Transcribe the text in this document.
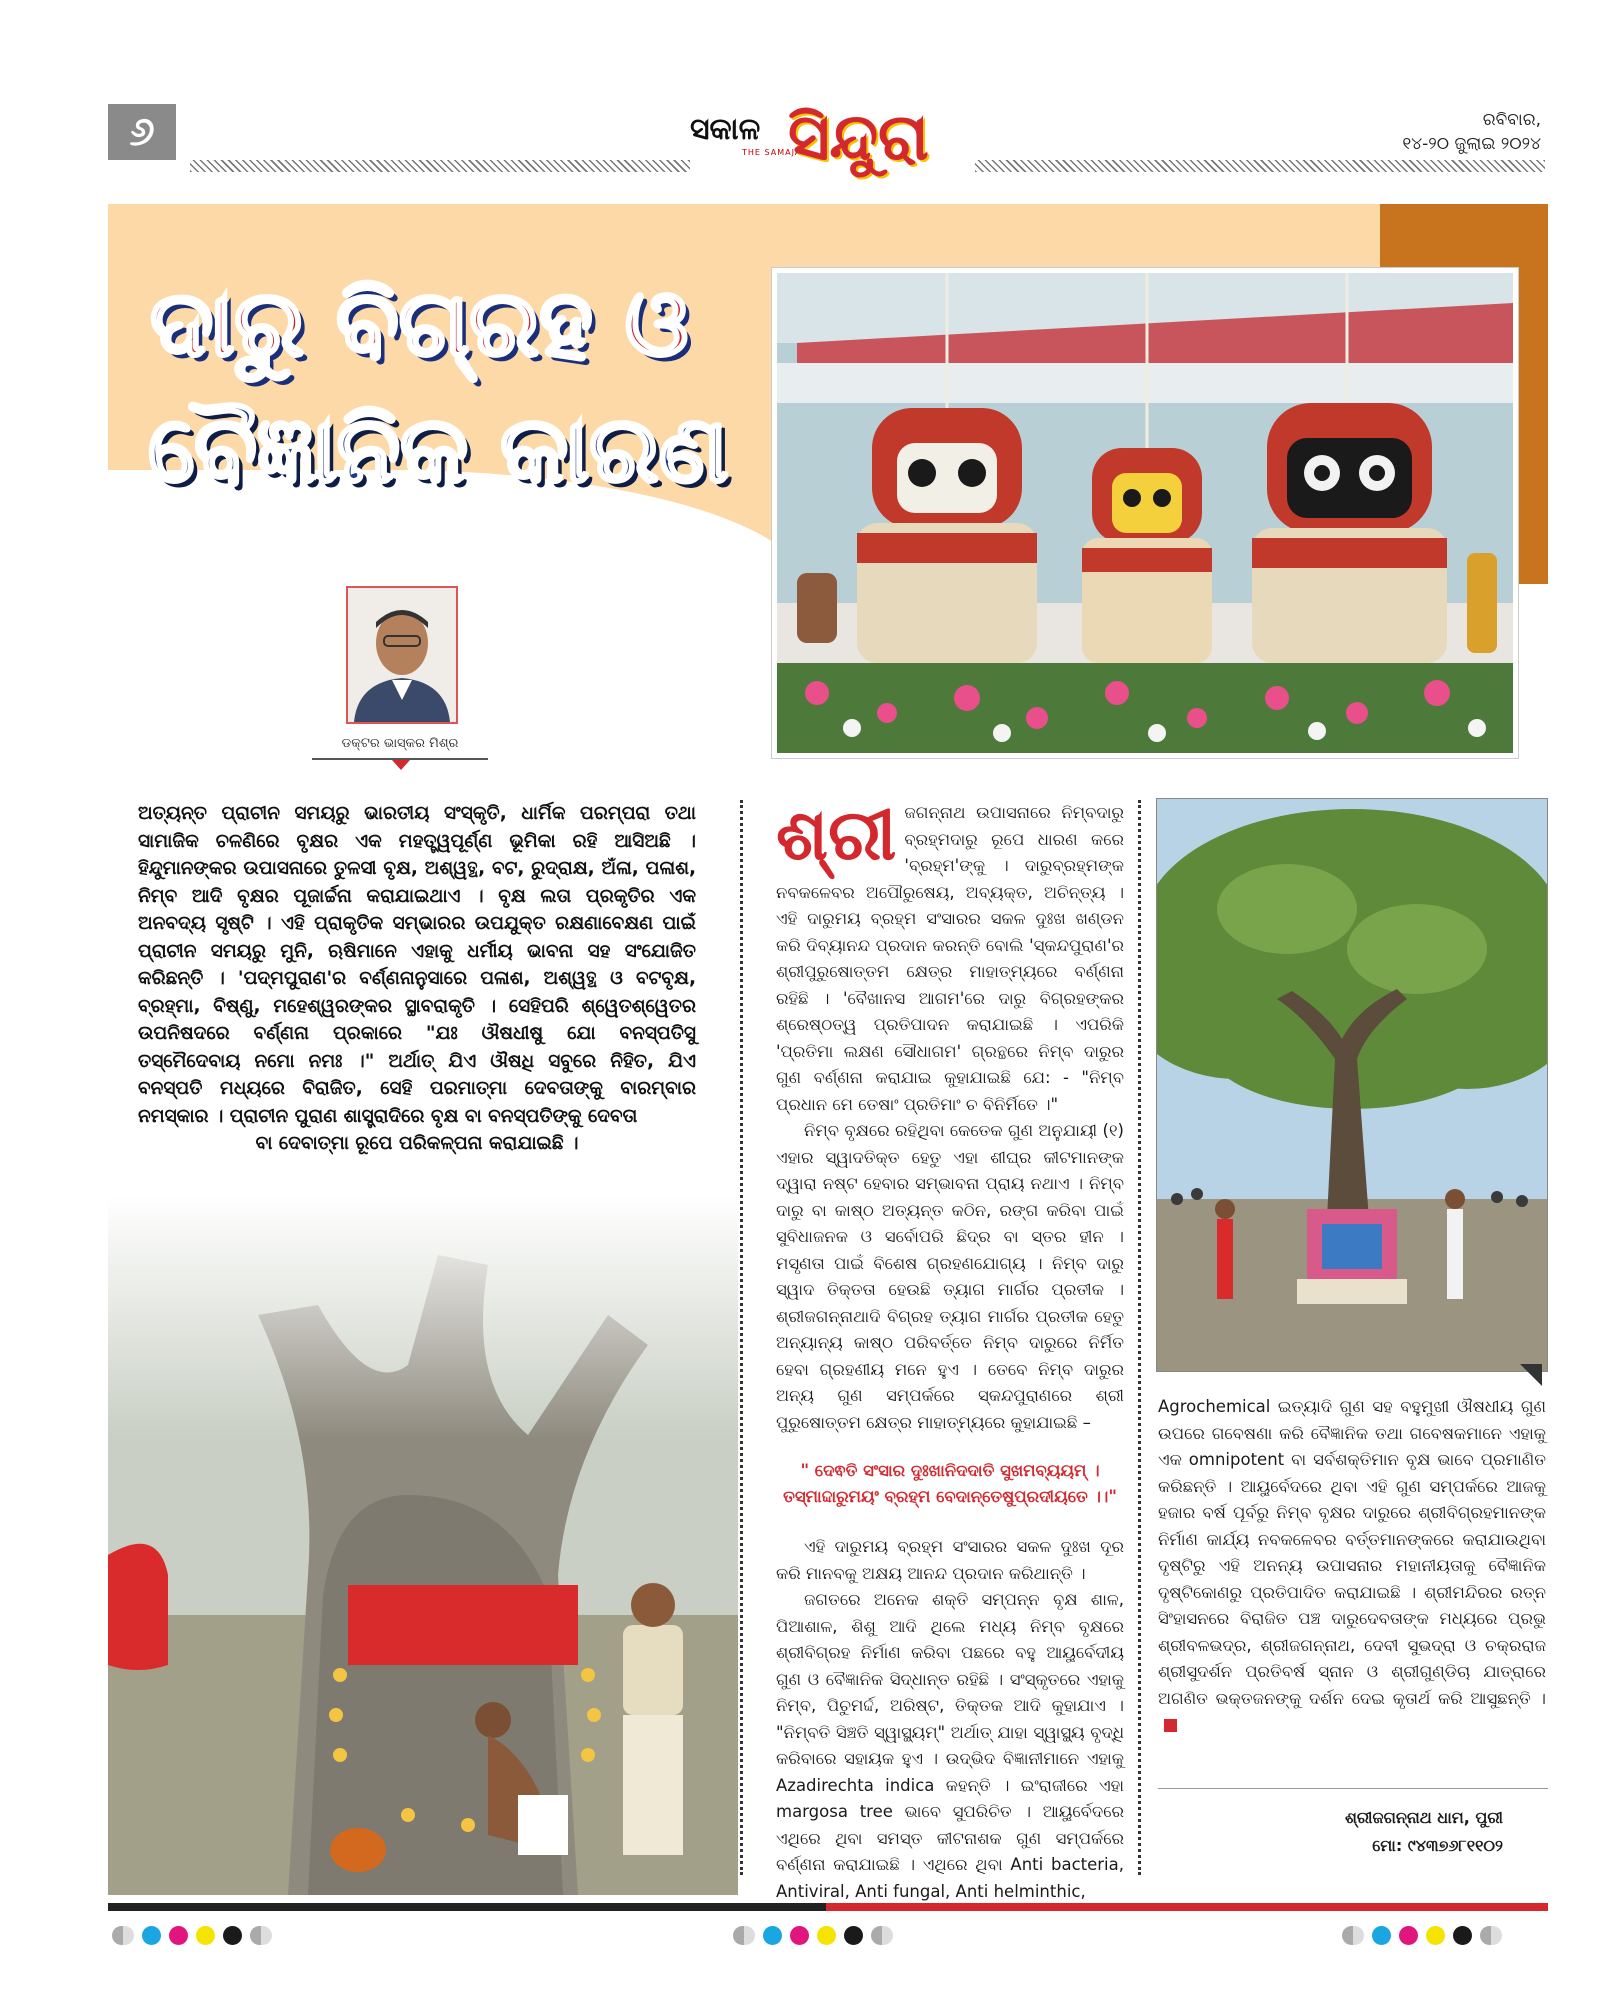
୬	ସକାଳ
THE SAMAJA
ସିନ୍ଦୁରା	ରବିବାର,
୧୪-୨୦ ଜୁଲାଇ ୨୦୨୪
ଦାରୁ ବିଗ୍ରହ ଓ
ବୈଜ୍ଞାନିକ କାରଣ
ଡକ୍ଟର ଭାସ୍କର ମିଶ୍ର
ଅତ୍ୟନ୍ତ ପ୍ରାଚୀନ ସମୟରୁ ଭାରତୀୟ ସଂସ୍କୃତି, ଧାର୍ମିକ ପରମ୍ପରା ତଥା ସାମାଜିକ ଚଳଣିରେ ବୃକ୍ଷର ଏକ ମହତ୍ତ୍ୱପୂର୍ଣ୍ଣ ଭୂମିକା ରହି ଆସିଅଛି । ହିନ୍ଦୁମାନଙ୍କର ଉପାସନାରେ ତୁଳସୀ ବୃକ୍ଷ, ଅଶ୍ୱତ୍ଥ, ବଟ, ରୁଦ୍ରାକ୍ଷ, ଅଁଳା, ପଳାଶ, ନିମ୍ବ ଆଦି ବୃକ୍ଷର ପୂଜାର୍ଚ୍ଚନା କରାଯାଇଥାଏ । ବୃକ୍ଷ ଲତା ପ୍ରକୃତିର ଏକ ଅନବଦ୍ୟ ସୃଷ୍ଟି । ଏହି ପ୍ରାକୃତିକ ସମ୍ଭାରର ଉପଯୁକ୍ତ ରକ୍ଷଣାବେକ୍ଷଣ ପାଇଁ ପ୍ରାଚୀନ ସମୟରୁ ମୁନି, ଋଷିମାନେ ଏହାକୁ ଧର୍ମୀୟ ଭାବନା ସହ ସଂଯୋଜିତ କରିଛନ୍ତି । 'ପଦ୍ମପୁରାଣ'ର ବର୍ଣ୍ଣନାନୁସାରେ ପଳାଶ, ଅଶ୍ୱତ୍ଥ ଓ ବଟବୃକ୍ଷ, ବ୍ରହ୍ମା, ବିଷ୍ଣୁ, ମହେଶ୍ୱରଙ୍କର ସ୍ଥାବରାକୃତି । ସେହିପରି ଶ୍ୱେତଶ୍ୱେତର ଉପନିଷଦରେ ବର୍ଣ୍ଣନା ପ୍ରକାରେ "ଯଃ ଔଷଧୀଷୁ ଯୋ ବନସ୍ପତିସୁ ତସ୍ମୈଦେବାୟ ନମୋ ନମଃ ।" ଅର୍ଥାତ୍ ଯିଏ ଔଷଧି ସବୁରେ ନିହିତ, ଯିଏ ବନସ୍ପତି ମଧ୍ୟରେ ବିରାଜିତ, ସେହି ପରମାତ୍ମା ଦେବତାଙ୍କୁ ବାରମ୍ବାର ନମସ୍କାର । ପ୍ରାଚୀନ ପୁରାଣ ଶାସ୍ତ୍ରାଦିରେ ବୃକ୍ଷ ବା ବନସ୍ପତିଙ୍କୁ ଦେବତା
ବା ଦେବାତ୍ମା ରୂପେ ପରିକଳ୍ପନା କରାଯାଇଛି ।
ଶ୍ରୀ ଜଗନ୍ନାଥ ଉପାସନାରେ ନିମ୍ବଦାରୁ ବ୍ରହ୍ମଦାରୁ ରୂପେ ଧାରଣ କରେ 'ବ୍ରହ୍ମ'ଙ୍କୁ । ଦାରୁବ୍ରହ୍ମଙ୍କ ନବକଳେବର ଅପୌରୁଷେୟ, ଅବ୍ୟକ୍ତ, ଅଚିନ୍ତ୍ୟ । ଏହି ଦାରୁମୟ ବ୍ରହ୍ମ ସଂସାରର ସକଳ ଦୁଃଖ ଖଣ୍ଡନ କରି ଦିବ୍ୟାନନ୍ଦ ପ୍ରଦାନ କରନ୍ତି ବୋଲି 'ସ୍କନ୍ଦପୁରାଣ'ର ଶ୍ରୀପୁରୁଷୋତ୍ତମ କ୍ଷେତ୍ର ମାହାତ୍ମ୍ୟରେ ବର୍ଣ୍ଣନା ରହିଛି । 'ବୈଖାନସ ଆଗମ'ରେ ଦାରୁ ବିଗ୍ରହଙ୍କର ଶ୍ରେଷ୍ଠତ୍ୱ ପ୍ରତିପାଦନ କରାଯାଇଛି । ଏପରିକି 'ପ୍ରତିମା ଲକ୍ଷଣ ସୌଧାଗମ' ଗ୍ରନ୍ଥରେ ନିମ୍ବ ଦାରୁର ଗୁଣ ବର୍ଣ୍ଣନା କରାଯାଇ କୁହାଯାଇଛି ଯେ: - "ନିମ୍ବ ପ୍ରଧାନ ମେ ତେଷାଂ ପ୍ରତିମାଂ ଚ ବିନିର୍ମିତେ ।"

ନିମ୍ବ ବୃକ୍ଷରେ ରହିଥିବା କେତେକ ଗୁଣ ଅନୁଯାୟୀ (୧) ଏହାର ସ୍ୱାଦତିକ୍ତ ହେତୁ ଏହା ଶୀଘ୍ର କୀଟମାନଙ୍କ ଦ୍ୱାରା ନଷ୍ଟ ହେବାର ସମ୍ଭାବନା ପ୍ରାୟ ନଥାଏ । ନିମ୍ବ ଦାରୁ ବା କାଷ୍ଠ ଅତ୍ୟନ୍ତ କଠିନ, ରଙ୍ଗ କରିବା ପାଇଁ ସୁବିଧାଜନକ ଓ ସର୍ବୋପରି ଛିଦ୍ର ବା ସ୍ତର ହୀନ । ମସୃଣତା ପାଇଁ ବିଶେଷ ଗ୍ରହଣଯୋଗ୍ୟ । ନିମ୍ବ ଦାରୁ ସ୍ୱାଦ ତିକ୍ତତା ହେଉଛି ତ୍ୟାଗ ମାର୍ଗର ପ୍ରତୀକ । ଶ୍ରୀଜଗନ୍ନାଥାଦି ବିଗ୍ରହ ତ୍ୟାଗ ମାର୍ଗର ପ୍ରତୀକ ହେତୁ ଅନ୍ୟାନ୍ୟ କାଷ୍ଠ ପରିବର୍ତ୍ତେ ନିମ୍ବ ଦାରୁରେ ନିର୍ମିତ ହେବା ଗ୍ରହଣୀୟ ମନେ ହୁଏ । ତେବେ ନିମ୍ବ ଦାରୁର ଅନ୍ୟ ଗୁଣ ସମ୍ପର୍କରେ ସ୍କନ୍ଦପୁରାଣରେ ଶ୍ରୀ ପୁରୁଷୋତ୍ତମ କ୍ଷେତ୍ର ମାହାତ୍ମ୍ୟରେ କୁହାଯାଇଛି –

" ଦେଵତି ସଂସାର ଦୁଃଖାନିଦଦାତି ସୁଖମବ୍ୟୟମ୍ ।
ତସ୍ମାଦ୍ଦାରୁମୟଂ ବ୍ରହ୍ମ ବେଦାନ୍ତେଷୁପ୍ରଦୀୟତେ ।।"

ଏହି ଦାରୁମୟ ବ୍ରହ୍ମ ସଂସାରର ସକଳ ଦୁଃଖ ଦୂର କରି ମାନବକୁ ଅକ୍ଷୟ ଆନନ୍ଦ ପ୍ରଦାନ କରିଥାନ୍ତି ।

ଜଗତରେ ଅନେକ ଶକ୍ତି ସମ୍ପନ୍ନ ବୃକ୍ଷ ଶାଳ, ପିଆଶାଳ, ଶିଶୁ ଆଦି ଥିଲେ ମଧ୍ୟ ନିମ୍ବ ବୃକ୍ଷରେ ଶ୍ରୀବିଗ୍ରହ ନିର୍ମାଣ କରିବା ପଛରେ ବହୁ ଆୟୁର୍ବେଦୀୟ ଗୁଣ ଓ ବୈଜ୍ଞାନିକ ସିଦ୍ଧାନ୍ତ ରହିଛି । ସଂସ୍କୃତରେ ଏହାକୁ ନିମ୍ବ, ପିଚୁମର୍ଦ୍ଦ, ଅରିଷ୍ଟ, ତିକ୍ତକ ଆଦି କୁହାଯାଏ । "ନିମ୍ବତି ସିଞ୍ଚତି ସ୍ୱାସ୍ଥ୍ୟମ୍" ଅର୍ଥାତ୍ ଯାହା ସ୍ୱାସ୍ଥ୍ୟ ବୃଦ୍ଧି କରିବାରେ ସହାୟକ ହୁଏ । ଉଦ୍ଭିଦ ବିଜ୍ଞାନୀମାନେ ଏହାକୁ Azadirechta indica କହନ୍ତି । ଇଂରାଜୀରେ ଏହା margosa tree ଭାବେ ସୁପରିଚିତ । ଆୟୁର୍ବେଦରେ ଏଥିରେ ଥିବା ସମସ୍ତ କୀଟନାଶକ ଗୁଣ ସମ୍ପର୍କରେ ବର୍ଣ୍ଣନା କରାଯାଇଛି । ଏଥିରେ ଥିବା Anti bacteria, Antiviral, Anti fungal, Anti helminthic,

Agrochemical ଇତ୍ୟାଦି ଗୁଣ ସହ ବହୁମୁଖୀ ଔଷଧୀୟ ଗୁଣ ଉପରେ ଗବେଷଣା କରି ବୈଜ୍ଞାନିକ ତଥା ଗବେଷକମାନେ ଏହାକୁ ଏକ omnipotent ବା ସର୍ବଶକ୍ତିମାନ ବୃକ୍ଷ ଭାବେ ପ୍ରମାଣିତ କରିଛନ୍ତି । ଆୟୁର୍ବେଦରେ ଥିବା ଏହି ଗୁଣ ସମ୍ପର୍କରେ ଆଜକୁ ହଜାର ବର୍ଷ ପୂର୍ବରୁ ନିମ୍ବ ବୃକ୍ଷର ଦାରୁରେ ଶ୍ରୀବିଗ୍ରହମାନଙ୍କ ନିର୍ମାଣ କାର୍ଯ୍ୟ ନବକଳେବର ବର୍ତ୍ତମାନଙ୍କରେ କରାଯାଉଥିବା ଦୃଷ୍ଟିରୁ ଏହି ଅନନ୍ୟ ଉପାସନାର ମହାନୀୟତାକୁ ବୈଜ୍ଞାନିକ ଦୃଷ୍ଟିକୋଣରୁ ପ୍ରତିପାଦିତ କରାଯାଇଛି । ଶ୍ରୀମନ୍ଦିରର ରତ୍ନ ସିଂହାସନରେ ବିରାଜିତ ପଞ୍ଚ ଦାରୁଦେବତାଙ୍କ ମଧ୍ୟରେ ପ୍ରଭୁ ଶ୍ରୀବଳଭଦ୍ର, ଶ୍ରୀଜଗନ୍ନାଥ, ଦେବୀ ସୁଭଦ୍ରା ଓ ଚକ୍ରରାଜ ଶ୍ରୀସୁଦର୍ଶନ ପ୍ରତିବର୍ଷ ସ୍ନାନ ଓ ଶ୍ରୀଗୁଣ୍ଡିଚା ଯାତ୍ରାରେ ଅଗଣିତ ଭକ୍ତଜନଙ୍କୁ ଦର୍ଶନ ଦେଇ କୃତାର୍ଥ କରି ଆସୁଛନ୍ତି ।
ଶ୍ରୀଜଗନ୍ନାଥ ଧାମ, ପୁରୀ
ମୋ: ୯୪୩୭୬୮୧୧୦୨
